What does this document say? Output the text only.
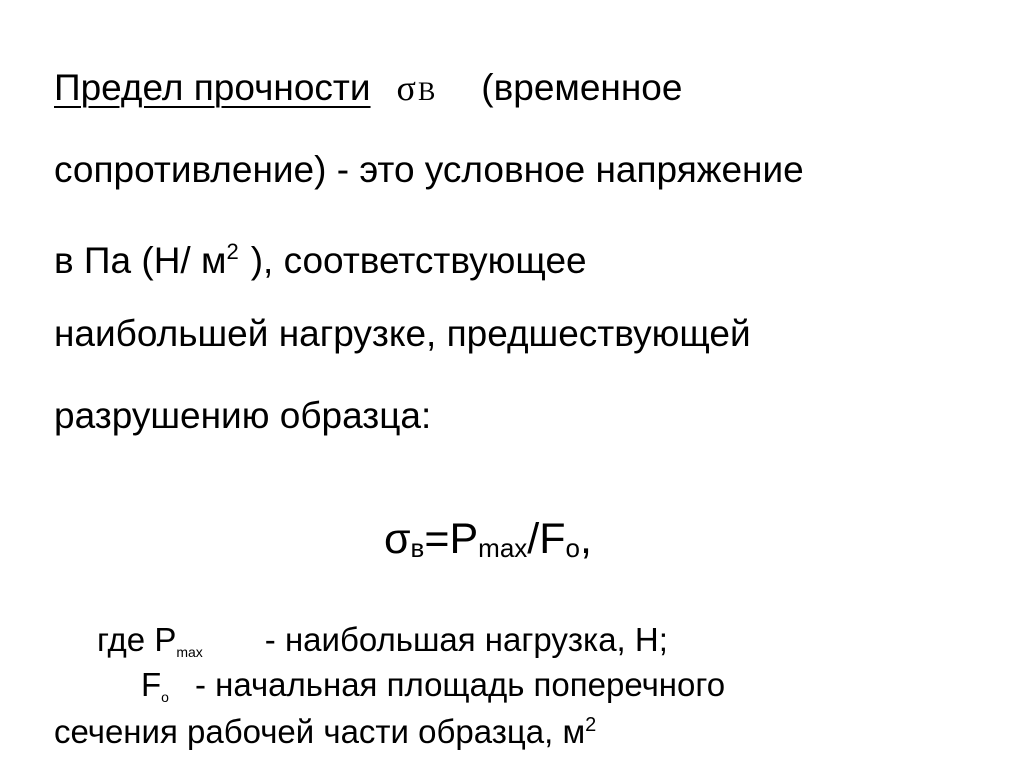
Предел прочности σВ (временное
сопротивление) - это условное напряжение
в Па (Н/ $м^2$ ), соответствующее
наибольшей нагрузке, предшествующей
разрушению образца:
σв=Pmax/Fо,
где Pmax - наибольшая нагрузка, Н;
Fо - начальная площадь поперечного
сечения рабочей части образца, $м^2$
